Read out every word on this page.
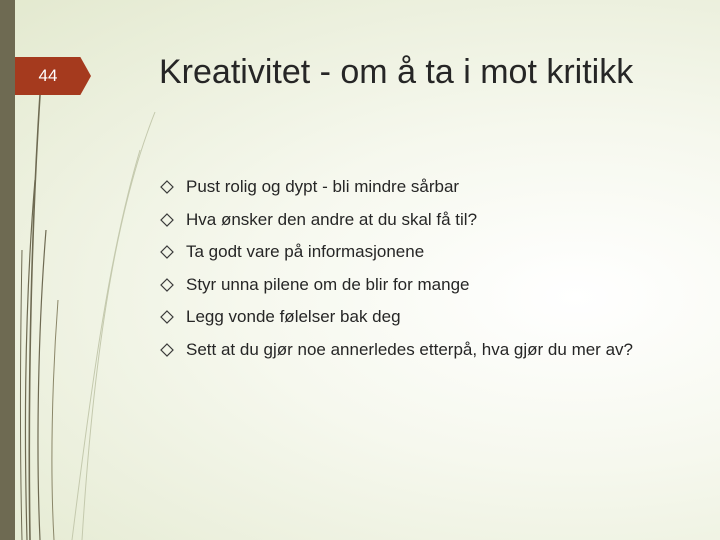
44	Kreativitet - om å ta i mot kritikk
Pust rolig og dypt - bli mindre sårbar
Hva ønsker den andre at du skal få til?
Ta godt vare på informasjonene
Styr unna pilene om de blir for mange
Legg vonde følelser bak deg
Sett at du gjør noe annerledes etterpå, hva gjør du mer av?
